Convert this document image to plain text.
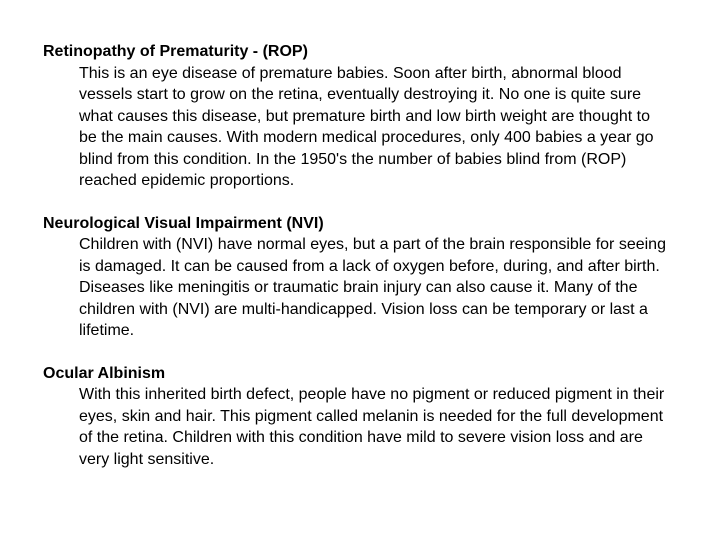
Retinopathy of Prematurity - (ROP)

This is an eye disease of premature babies. Soon after birth, abnormal blood vessels start to grow on the retina, eventually destroying it. No one is quite sure what causes this disease, but premature birth and low birth weight are thought to be the main causes. With modern medical procedures, only 400 babies a year go blind from this condition. In the 1950's the number of babies blind from (ROP) reached epidemic proportions.

Neurological Visual Impairment (NVI)

Children with (NVI) have normal eyes, but a part of the brain responsible for seeing is damaged. It can be caused from a lack of oxygen before, during, and after birth. Diseases like meningitis or traumatic brain injury can also cause it. Many of the children with (NVI) are multi-handicapped. Vision loss can be temporary or last a lifetime.

Ocular Albinism

With this inherited birth defect, people have no pigment or reduced pigment in their eyes, skin and hair. This pigment called melanin is needed for the full development of the retina. Children with this condition have mild to severe vision loss and are very light sensitive.
